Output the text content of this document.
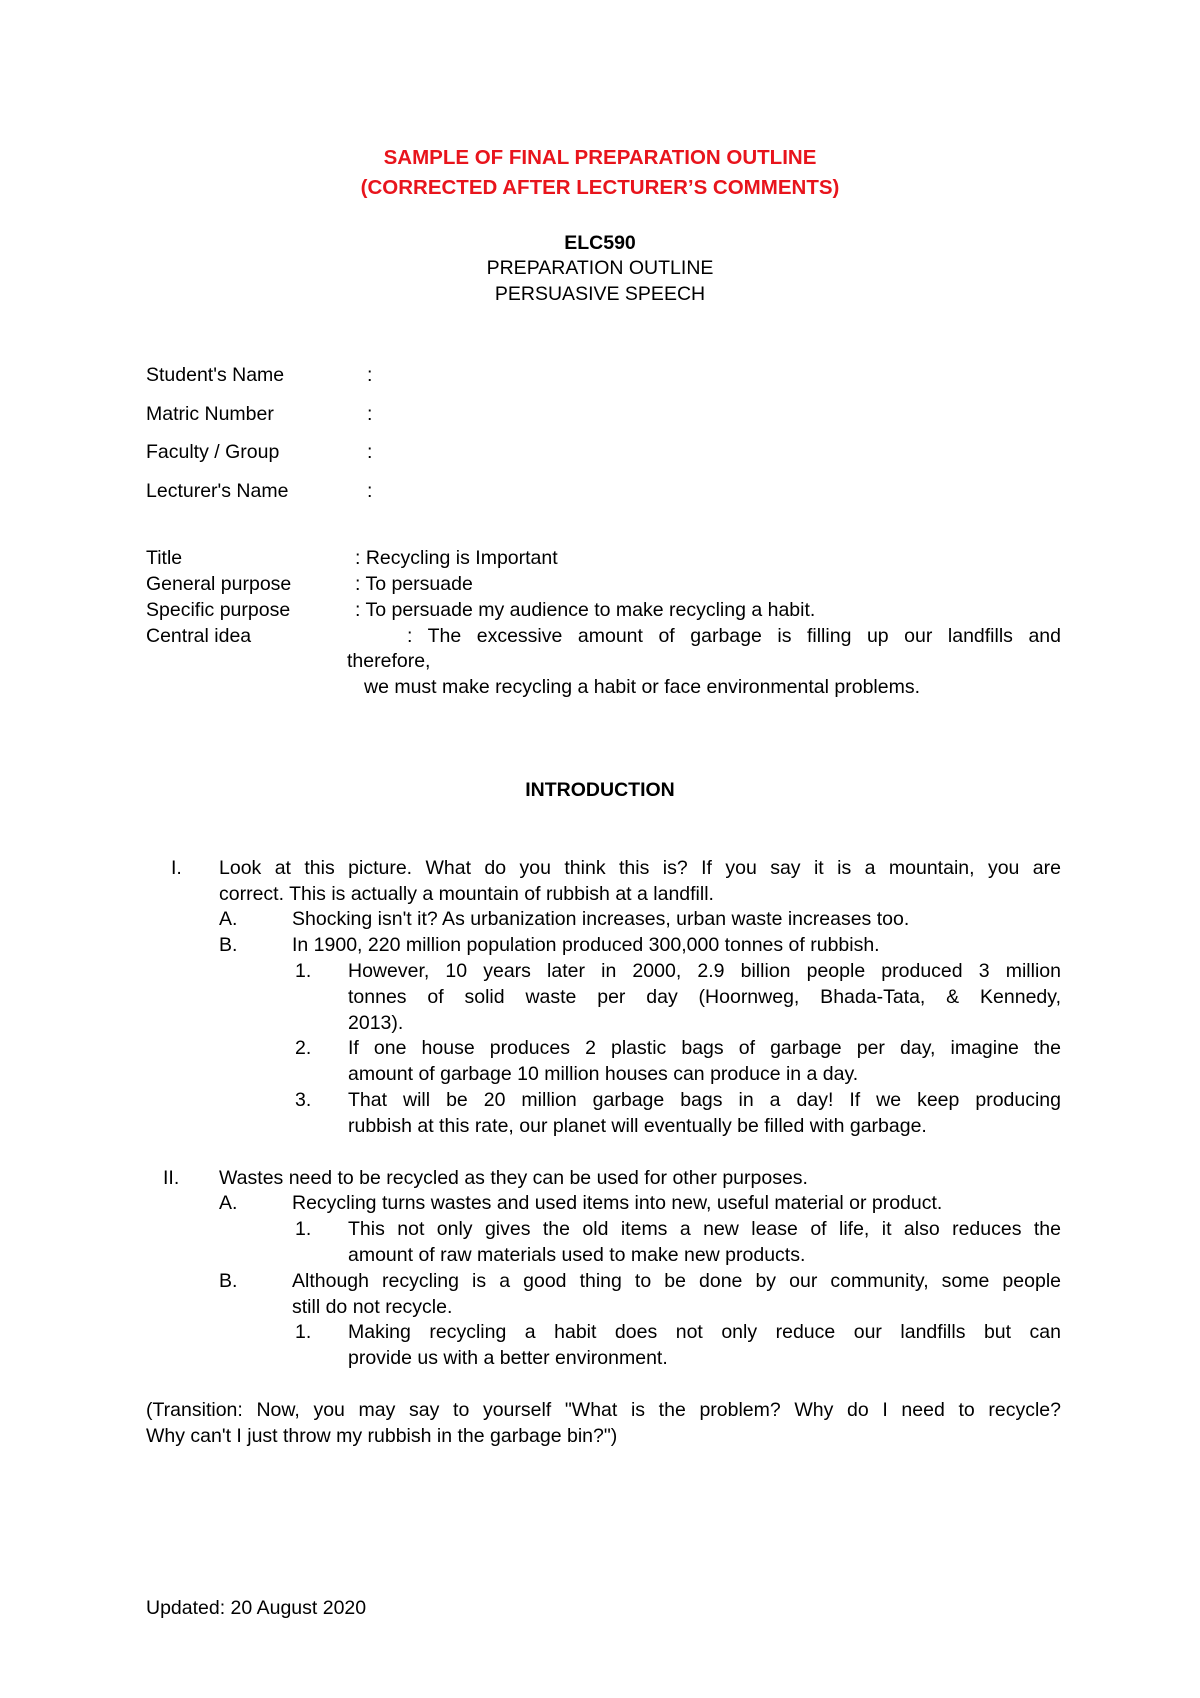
SAMPLE OF FINAL PREPARATION OUTLINE
(CORRECTED AFTER LECTURER’S COMMENTS)
ELC590
PREPARATION OUTLINE
PERSUASIVE SPEECH
Student's Name	:
Matric Number	:
Faculty / Group	:
Lecturer's Name	:
Title	: Recycling is Important
General purpose	: To persuade
Specific purpose	: To persuade my audience to make recycling a habit.
Central idea	: The excessive amount of garbage is filling up our landfills and
therefore,
we must make recycling a habit or face environmental problems.
INTRODUCTION
I. Look at this picture. What do you think this is? If you say it is a mountain, you are
correct. This is actually a mountain of rubbish at a landfill.
A.	Shocking isn't it? As urbanization increases, urban waste increases too.
B.	In 1900, 220 million population produced 300,000 tonnes of rubbish.
1. However, 10 years later in 2000, 2.9 billion people produced 3 million
tonnes of solid waste per day (Hoornweg, Bhada-Tata, & Kennedy,
2013).
2. If one house produces 2 plastic bags of garbage per day, imagine the
amount of garbage 10 million houses can produce in a day.
3. That will be 20 million garbage bags in a day! If we keep producing
rubbish at this rate, our planet will eventually be filled with garbage.
II. Wastes need to be recycled as they can be used for other purposes.
A.	Recycling turns wastes and used items into new, useful material or product.
1. This not only gives the old items a new lease of life, it also reduces the
amount of raw materials used to make new products.
B.	Although recycling is a good thing to be done by our community, some people
still do not recycle.
1. Making recycling a habit does not only reduce our landfills but can
provide us with a better environment.
(Transition: Now, you may say to yourself "What is the problem? Why do I need to recycle?
Why can't I just throw my rubbish in the garbage bin?")
Updated: 20 August 2020
